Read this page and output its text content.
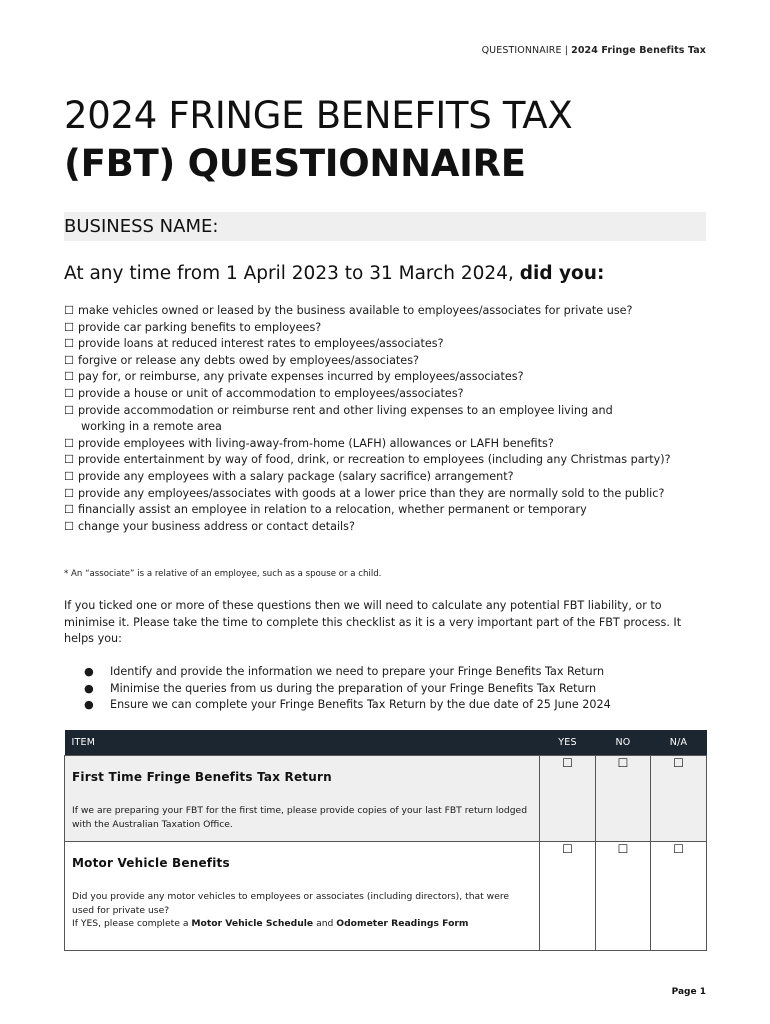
QUESTIONNAIRE | 2024 Fringe Benefits Tax
2024 FRINGE BENEFITS TAX
(FBT) QUESTIONNAIRE
BUSINESS NAME:
At any time from 1 April 2023 to 31 March 2024, did you:
☐ make vehicles owned or leased by the business available to employees/associates for private use?
☐ provide car parking benefits to employees?
☐ provide loans at reduced interest rates to employees/associates?
☐ forgive or release any debts owed by employees/associates?
☐ pay for, or reimburse, any private expenses incurred by employees/associates?
☐ provide a house or unit of accommodation to employees/associates?
☐ provide accommodation or reimburse rent and other living expenses to an employee living and
working in a remote area
☐ provide employees with living-away-from-home (LAFH) allowances or LAFH benefits?
☐ provide entertainment by way of food, drink, or recreation to employees (including any Christmas party)?
☐ provide any employees with a salary package (salary sacrifice) arrangement?
☐ provide any employees/associates with goods at a lower price than they are normally sold to the public?
☐ financially assist an employee in relation to a relocation, whether permanent or temporary
☐ change your business address or contact details?
* An “associate” is a relative of an employee, such as a spouse or a child.
If you ticked one or more of these questions then we will need to calculate any potential FBT liability, or to minimise it. Please take the time to complete this checklist as it is a very important part of the FBT process. It helps you:
● Identify and provide the information we need to prepare your Fringe Benefits Tax Return
● Minimise the queries from us during the preparation of your Fringe Benefits Tax Return
● Ensure we can complete your Fringe Benefits Tax Return by the due date of 25 June 2024
ITEM	YES	NO	N/A

First Time Fringe Benefits Tax Return
If we are preparing your FBT for the first time, please provide copies of your last FBT return lodged with the Australian Taxation Office.	☐	☐	☐

Motor Vehicle Benefits
Did you provide any motor vehicles to employees or associates (including directors), that were used for private use?
If YES, please complete a Motor Vehicle Schedule and Odometer Readings Form	☐	☐	☐
Page 1
